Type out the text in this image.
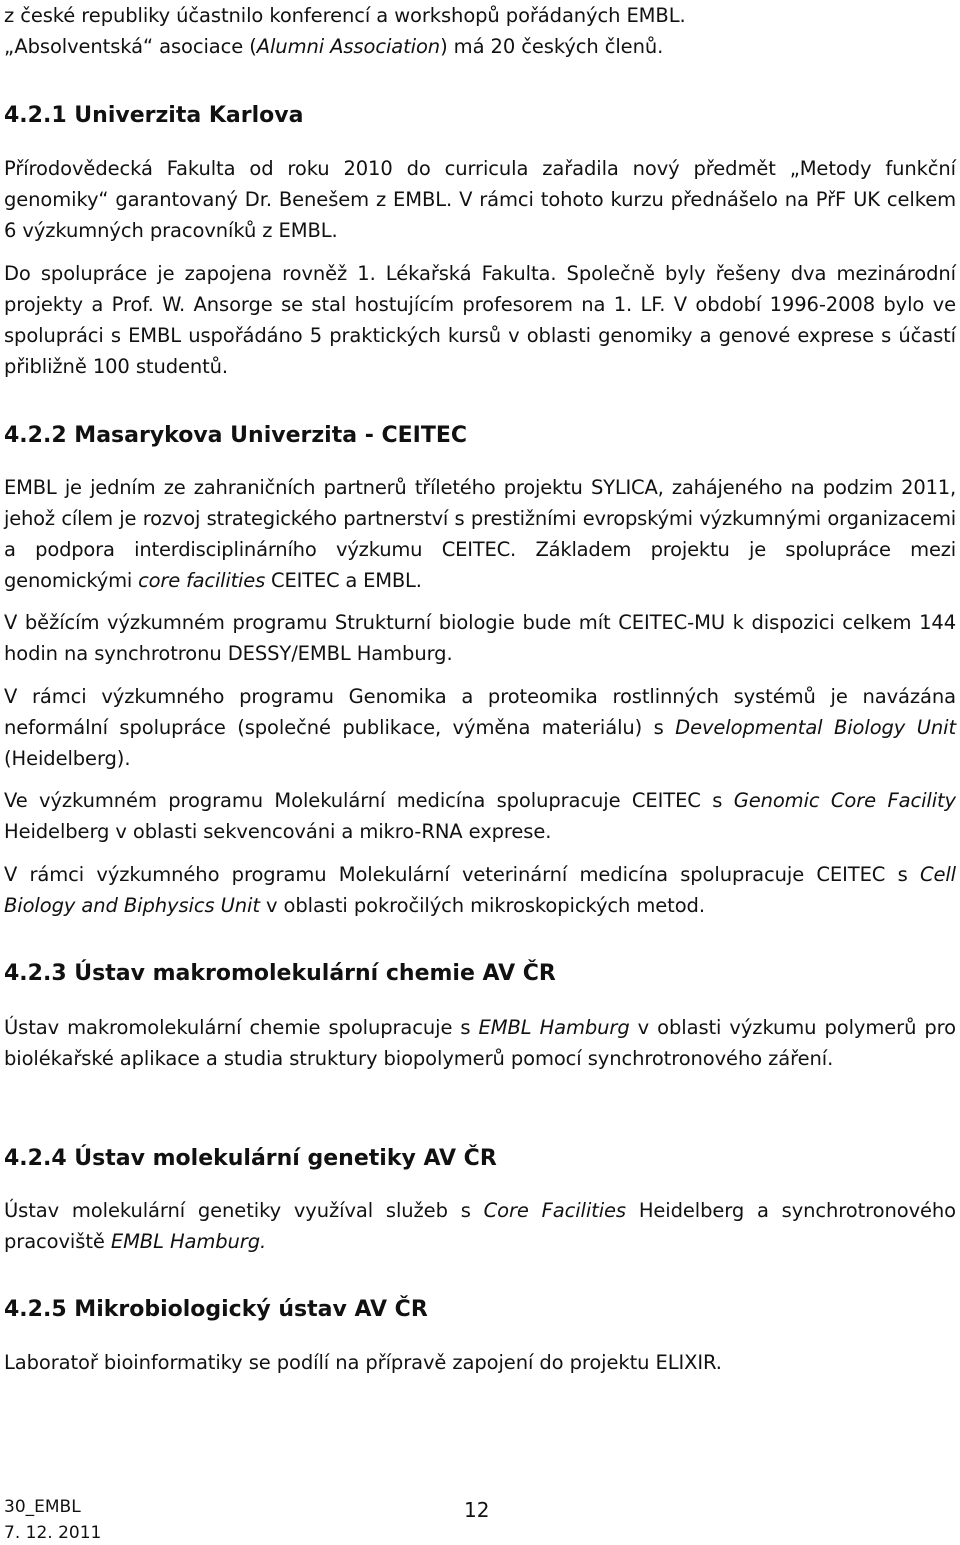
z české republiky účastnilo konferencí a workshopů pořádaných EMBL.
„Absolventská“ asociace (Alumni Association) má 20 českých členů.

4.2.1 Univerzita Karlova

Přírodovědecká Fakulta od roku 2010 do curricula zařadila nový předmět „Metody funkční genomiky“ garantovaný Dr. Benešem z EMBL. V rámci tohoto kurzu přednášelo na PřF UK celkem 6 výzkumných pracovníků z EMBL.

Do spolupráce je zapojena rovněž 1. Lékařská Fakulta. Společně byly řešeny dva mezinárodní projekty a Prof. W. Ansorge se stal hostujícím profesorem na 1. LF. V období 1996-2008 bylo ve spolupráci s EMBL uspořádáno 5 praktických kursů v oblasti genomiky a genové exprese s účastí přibližně 100 studentů.

4.2.2 Masarykova Univerzita - CEITEC

EMBL je jedním ze zahraničních partnerů tříletého projektu SYLICA, zahájeného na podzim 2011, jehož cílem je rozvoj strategického partnerství s prestižními evropskými výzkumnými organizacemi a podpora interdisciplinárního výzkumu CEITEC. Základem projektu je spolupráce mezi genomickými core facilities CEITEC a EMBL.

V běžícím výzkumném programu Strukturní biologie bude mít CEITEC-MU k dispozici celkem 144 hodin na synchrotronu DESSY/EMBL Hamburg.

V rámci výzkumného programu Genomika a proteomika rostlinných systémů je navázána neformální spolupráce (společné publikace, výměna materiálu) s Developmental Biology Unit (Heidelberg).

Ve výzkumném programu Molekulární medicína spolupracuje CEITEC s Genomic Core Facility Heidelberg v oblasti sekvencováni a mikro-RNA exprese.

V rámci výzkumného programu Molekulární veterinární medicína spolupracuje CEITEC s Cell Biology and Biphysics Unit v oblasti pokročilých mikroskopických metod.

4.2.3 Ústav makromolekulární chemie AV ČR

Ústav makromolekulární chemie spolupracuje s EMBL Hamburg v oblasti výzkumu polymerů pro biolékařské aplikace a studia struktury biopolymerů pomocí synchrotronového záření.

4.2.4 Ústav molekulární genetiky AV ČR

Ústav molekulární genetiky využíval služeb s Core Facilities Heidelberg a synchrotronového pracoviště EMBL Hamburg.

4.2.5 Mikrobiologický ústav AV ČR

Laboratoř bioinformatiky se podílí na přípravě zapojení do projektu ELIXIR.

30_EMBL
7. 12. 2011
12
